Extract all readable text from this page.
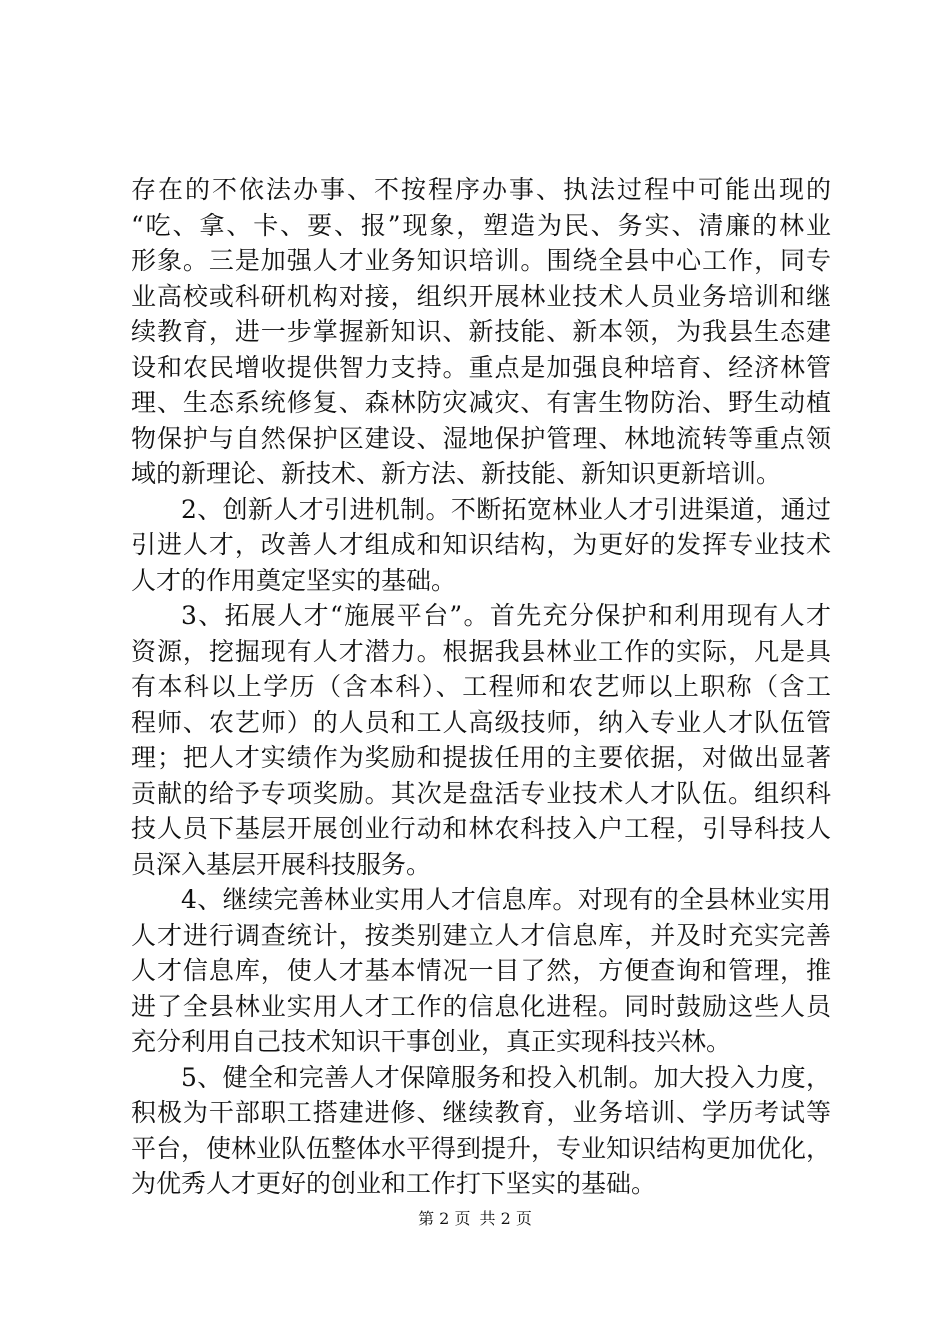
存在的不依法办事、不按程序办事、执法过程中可能出现的
“吃、拿、卡、要、报”现象，塑造为民、务实、清廉的林业
形象。三是加强人才业务知识培训。围绕全县中心工作，同专
业高校或科研机构对接，组织开展林业技术人员业务培训和继
续教育，进一步掌握新知识、新技能、新本领，为我县生态建
设和农民增收提供智力支持。重点是加强良种培育、经济林管
理、生态系统修复、森林防灾减灾、有害生物防治、野生动植
物保护与自然保护区建设、湿地保护管理、林地流转等重点领
域的新理论、新技术、新方法、新技能、新知识更新培训。
2、创新人才引进机制。不断拓宽林业人才引进渠道，通过
引进人才，改善人才组成和知识结构，为更好的发挥专业技术
人才的作用奠定坚实的基础。
3、拓展人才“施展平台”。首先充分保护和利用现有人才
资源，挖掘现有人才潜力。根据我县林业工作的实际，凡是具
有本科以上学历（含本科）、工程师和农艺师以上职称（含工
程师、农艺师）的人员和工人高级技师，纳入专业人才队伍管
理；把人才实绩作为奖励和提拔任用的主要依据，对做出显著
贡献的给予专项奖励。其次是盘活专业技术人才队伍。组织科
技人员下基层开展创业行动和林农科技入户工程，引导科技人
员深入基层开展科技服务。
4、继续完善林业实用人才信息库。对现有的全县林业实用
人才进行调查统计，按类别建立人才信息库，并及时充实完善
人才信息库，使人才基本情况一目了然，方便查询和管理，推
进了全县林业实用人才工作的信息化进程。同时鼓励这些人员
充分利用自己技术知识干事创业，真正实现科技兴林。
5、健全和完善人才保障服务和投入机制。加大投入力度，
积极为干部职工搭建进修、继续教育，业务培训、学历考试等
平台，使林业队伍整体水平得到提升，专业知识结构更加优化，
为优秀人才更好的创业和工作打下坚实的基础。
第 2 页 共 2 页
